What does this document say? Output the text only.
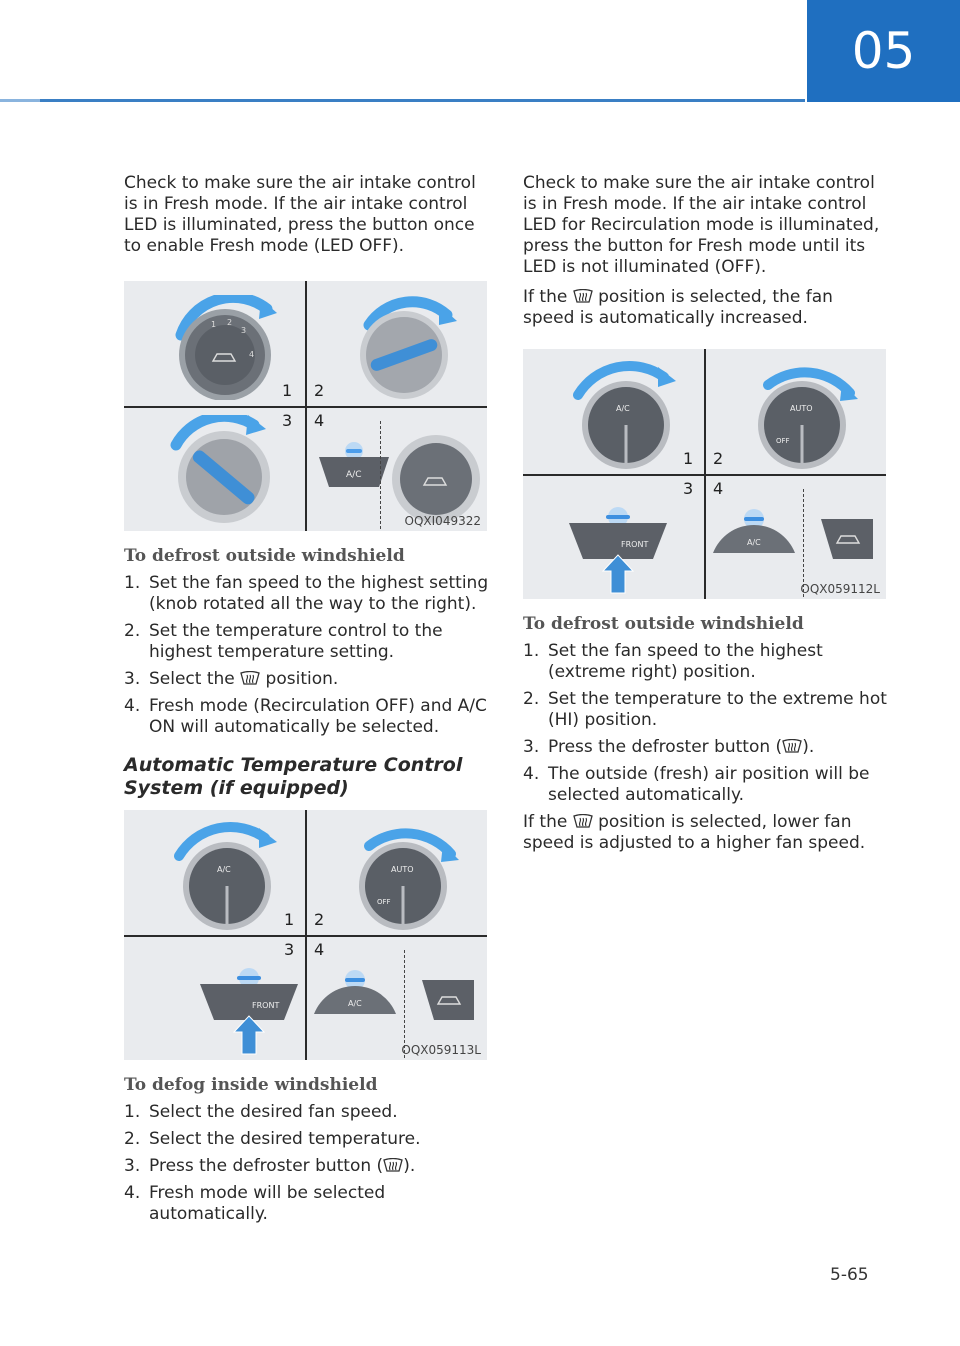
05

Check to make sure the air intake control is in Fresh mode. If the air intake control LED is illuminated, press the button once to enable Fresh mode (LED OFF).

1 2
3
4
A/C
1 2
3 4
OQXI049322
To defrost outside windshield
1. Set the fan speed to the highest setting (knob rotated all the way to the right).
2. Set the temperature control to the highest temperature setting.
3. Select the  position.
4. Fresh mode (Recirculation OFF) and A/C ON will automatically be selected.
Automatic Temperature Control System (if equipped)
A/C	AUTO
OFF
FRONT	A/C
1 2
3 4
OQX059113L
To defog inside windshield
1. Select the desired fan speed.
2. Select the desired temperature.
3. Press the defroster button ( ).
4. Fresh mode will be selected automatically.

Check to make sure the air intake control is in Fresh mode. If the air intake control LED for Recirculation mode is illuminated, press the button for Fresh mode until its LED is not illuminated (OFF).

If the  position is selected, the fan speed is automatically increased.

A/C	AUTO
OFF
FRONT	A/C
1 2
3 4
OQX059112L
To defrost outside windshield
1. Set the fan speed to the highest (extreme right) position.
2. Set the temperature to the extreme hot (HI) position.
3. Press the defroster button ( ).
4. The outside (fresh) air position will be selected automatically.

If the  position is selected, lower fan speed is adjusted to a higher fan speed.

5-65
